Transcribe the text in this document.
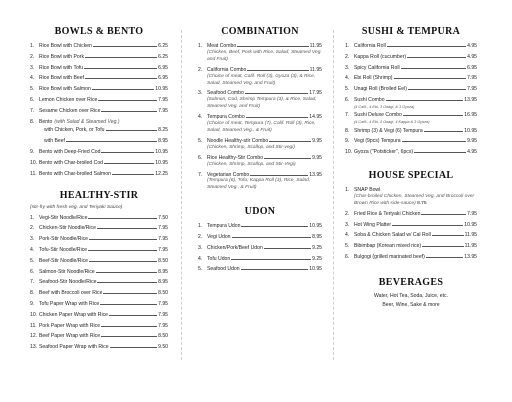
BOWLS & BENTO
1. Rice Bowl with Chicken	6.25
2. Rice Bowl with Pork	6.25
3. Rice Bowl with Tofu	6.95
4. Rice Bowl with Beef	6.95
5. Rice Bowl with Salmon	10.95
6. Lemon Chicken over Rice	7.95
7. Sesame Chicken over Rice	7.95
8. Bento (with Salad & Steamed Veg.)
with Chicken, Pork, or Tofu	8.25
with Beef	8.95
9. Bento with Deep-Fried Cod	10.95
10. Bento with Char-broiled Cod	10.95
11. Bento with Char-broiled Salmon	12.25
HEALTHY-STIR
(stir-fry with fresh veg. and Teriyaki Sauce)
1. Vegi-Stir Noodle/Rice	7.50
2. Chicken-Stir Noodle/Rice	7.95
3. Pork-Stir Noodle/Rice	7.95
4. Tofu-Stir Noodle/Rice	7.95
5. Beef-Stir Noodle/Rice	8.50
6. Salmon-Stir Noodle/Rice	8.95
7. Seafood-Stir Noodle/Rice	8.95
8. Beef with Broccoli over Rice	8.50
9. Tofu Paper Wrap with Rice	7.95
10. Chicken Paper Wrap with Rice	7.95
11. Pork Paper Wrap with Rice	7.95
12. Beef Paper Wrap with Rice	8.50
13. Seafood Paper Wrap with Rice	9.50
COMBINATION
1. Meat Combo	11.95
(Chicken, Beef, Pork with Rice, Salad, Steamed Veg. and Fruit)
2. California Combo	11.95
(Choice of meat, Calif. Roll (3), Gyoza (3), & Rice, Salad, Steamed Veg. and Fruit)
3. Seafood Combo	17.95
(Salmon, Cod, Shrimp Tempura (3), & Rice, Salad, Steamed Veg. and Fruit)
4. Tempura Combo	14.95
(Choice of meat, Tempura (7), Calif. Roll (3), Rice, Salad, Steamed Veg., & Fruit)
5. Noodle Healthy-stir Combo	9.95
(Chicken, Shrimp, Scallop, and Stir-vegi)
6. Rice Healthy-Stir Combo	9.95
(Chicken, Shrimp, Scallop, and Stir-Vegi)
7. Vegetarian Combo	13.95
(Tempura (6), Tofu, Kappa Roll (3), Rice, Salad, Steamed Veg., & Fruit)
UDON
1. Tempura Udon	10.95
2. Vegi Udon	8.95
3. Chicken/Pork/Beef Udon	9.25
4. Tofu Udon	9.25
5. Seafood Udon	10.95
SUSHI & TEMPURA
1. California Roll	4.95
2. Kappa Roll (cucumber)	4.95
3. Spicy California Roll	6.95
4. Ebi Roll (Shrimp)	7.95
5. Unagi Roll (Broiled Eel)	7.95
6. Sushi Combo	13.95
(4 Calif., 4 Ebi, 3 Onagi, & 3 Gyoza)
7. Sushi Deluxe Combo	16.95
(4 Calif., 4 Ebi, 3 Onagi, 4 Kappa & 3 Gyoza)
8. Shrimp (3) & Vegi (6) Tempura	10.95
9. Vegi (9pcs) Tempura	9.95
10. Gyoza ("Potsticker", 6pcs)	4.95
HOUSE SPECIAL
1. SNAP Bowl
(Char-broiled Chicken, Steamed Veg. and Broccoli over Brown Rice with side-sauce) 8.75
2. Fried Rice & Teriyaki Chicken	7.95
3. Hot Wing Platter	10.95
4. Soba & Chicken Salad w/ Cal Roll	11.95
5. Bibimbap (Korean mixed rice)	11.95
6. Bulgogi (grilled marinated beef)	13.95
BEVERAGES
Water, Hot Tea, Soda, Juice, etc.
Beer, Wine, Sake & more
